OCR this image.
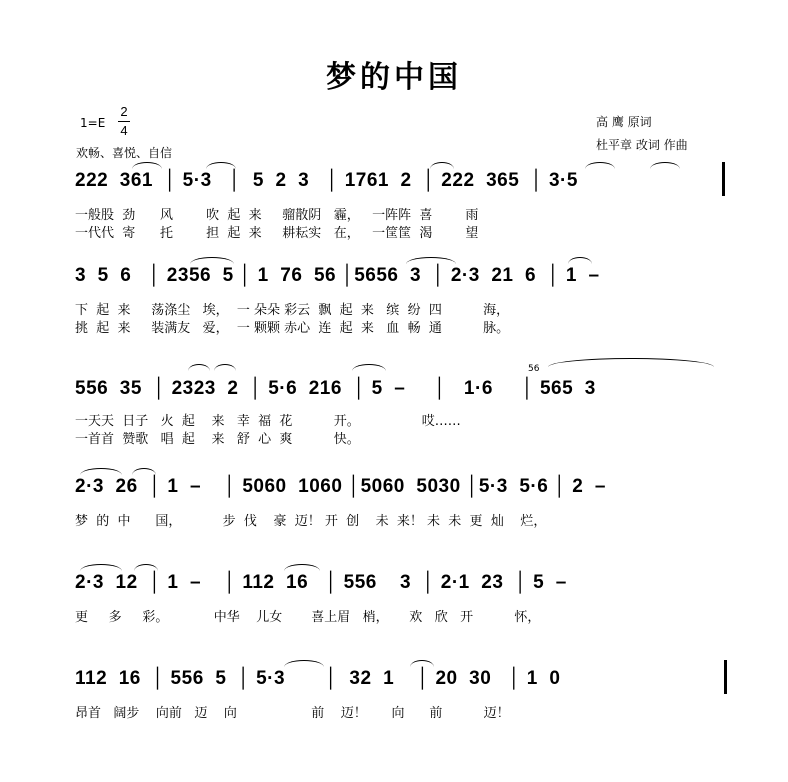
梦的中国
1=E
2
4
欢畅、喜悦、自信
高 鹰 原词
杜平章 改词 作曲
222  361  │ 5·3   │  5  2  3   │ 1761  2  │ 222  365  │ 3·5
一般股  劲      风        吹  起  来     骝散阴   霾，   一阵阵  喜        雨
一代代  寄      托        担  起  来     耕耘实   在，   一筐筐  渴        望
3  5  6   │ 2356  5 │ 1  76  56 │5656  3  │ 2·3  21  6  │ 1  –
下  起  来     荡涤尘   埃，  一 朵朵 彩云  飘  起  来   缤  纷  四          海，
挑  起  来     装满友   爱，  一 颗颗 赤心  连  起  来   血  畅  通          脉。
56
556  35  │ 2323  2  │ 5·6  216  │ 5  –     │   1·6     │ 565  3
一天天  日子   火  起    来   幸  福  花          开。               哎……
一首首  赞歌   唱  起    来   舒  心  爽          快。
2·3  26  │ 1  –    │ 5060  1060 │5060  5030 │5·3  5·6 │ 2  –
梦  的  中      国，          步  伐    豪  迈！ 开  创    未  来！ 未  未  更  灿    烂，
2·3  12  │ 1  –    │ 112  16   │ 556    3  │ 2·1  23  │ 5  –
更     多     彩。           中华    儿女       喜上眉   梢，     欢   欣   开          怀，
112  16  │ 556  5  │ 5·3       │  32  1    │ 20  30   │ 1  0
昂首   阔步    向前   迈    向                  前    迈！      向      前          迈！
